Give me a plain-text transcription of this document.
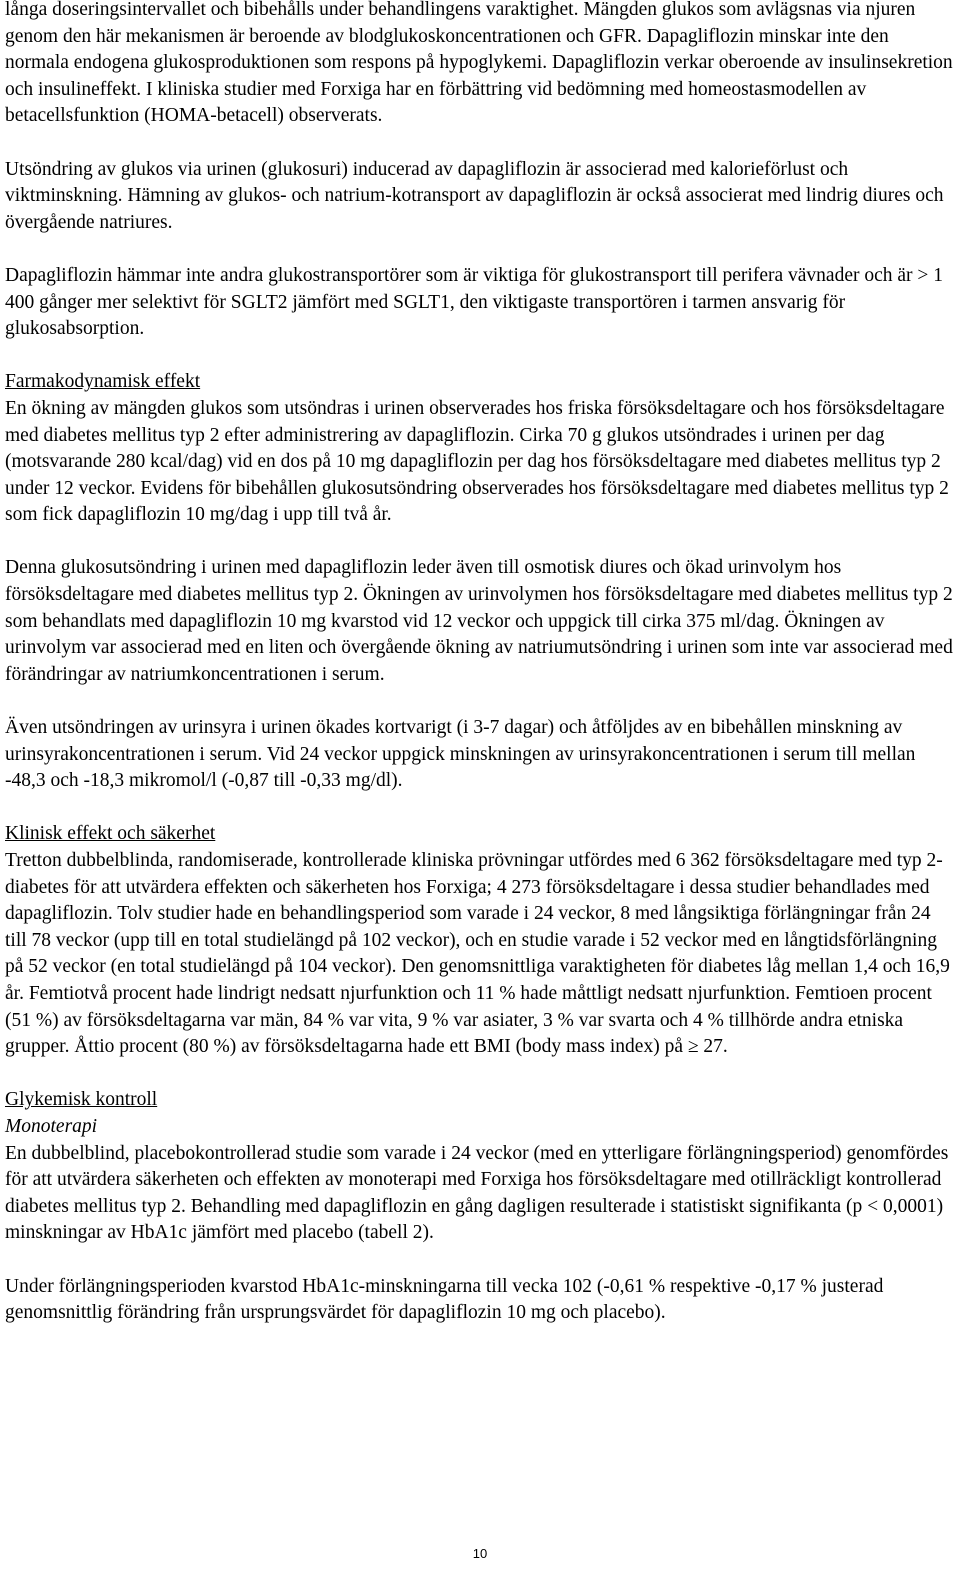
långa doseringsintervallet och bibehålls under behandlingens varaktighet. Mängden glukos som avlägsnas via njuren genom den här mekanismen är beroende av blodglukoskoncentrationen och GFR. Dapagliflozin minskar inte den normala endogena glukosproduktionen som respons på hypoglykemi. Dapagliflozin verkar oberoende av insulinsekretion och insulineffekt. I kliniska studier med Forxiga har en förbättring vid bedömning med homeostasmodellen av betacellsfunktion (HOMA-betacell) observerats.

Utsöndring av glukos via urinen (glukosuri) inducerad av dapagliflozin är associerad med kalorieförlust och viktminskning. Hämning av glukos- och natrium-kotransport av dapagliflozin är också associerat med lindrig diures och övergående natriures.

Dapagliflozin hämmar inte andra glukostransportörer som är viktiga för glukostransport till perifera vävnader och är > 1 400 gånger mer selektivt för SGLT2 jämfört med SGLT1, den viktigaste transportören i tarmen ansvarig för glukosabsorption.

Farmakodynamisk effekt

En ökning av mängden glukos som utsöndras i urinen observerades hos friska försöksdeltagare och hos försöksdeltagare med diabetes mellitus typ 2 efter administrering av dapagliflozin. Cirka 70 g glukos utsöndrades i urinen per dag (motsvarande 280 kcal/dag) vid en dos på 10 mg dapagliflozin per dag hos försöksdeltagare med diabetes mellitus typ 2 under 12 veckor. Evidens för bibehållen glukosutsöndring observerades hos försöksdeltagare med diabetes mellitus typ 2 som fick dapagliflozin 10 mg/dag i upp till två år.

Denna glukosutsöndring i urinen med dapagliflozin leder även till osmotisk diures och ökad urinvolym hos försöksdeltagare med diabetes mellitus typ 2. Ökningen av urinvolymen hos försöksdeltagare med diabetes mellitus typ 2 som behandlats med dapagliflozin 10 mg kvarstod vid 12 veckor och uppgick till cirka 375 ml/dag. Ökningen av urinvolym var associerad med en liten och övergående ökning av natriumutsöndring i urinen som inte var associerad med förändringar av natriumkoncentrationen i serum.

Även utsöndringen av urinsyra i urinen ökades kortvarigt (i 3-7 dagar) och åtföljdes av en bibehållen minskning av urinsyrakoncentrationen i serum. Vid 24 veckor uppgick minskningen av urinsyrakoncentrationen i serum till mellan -48,3 och -18,3 mikromol/l (-0,87 till -0,33 mg/dl).

Klinisk effekt och säkerhet

Tretton dubbelblinda, randomiserade, kontrollerade kliniska prövningar utfördes med 6 362 försöksdeltagare med typ 2-diabetes för att utvärdera effekten och säkerheten hos Forxiga; 4 273 försöksdeltagare i dessa studier behandlades med dapagliflozin. Tolv studier hade en behandlingsperiod som varade i 24 veckor, 8 med långsiktiga förlängningar från 24 till 78 veckor (upp till en total studielängd på 102 veckor), och en studie varade i 52 veckor med en långtidsförlängning på 52 veckor (en total studielängd på 104 veckor). Den genomsnittliga varaktigheten för diabetes låg mellan 1,4 och 16,9 år. Femtiotvå procent hade lindrigt nedsatt njurfunktion och 11 % hade måttligt nedsatt njurfunktion. Femtioen procent (51 %) av försöksdeltagarna var män, 84 % var vita, 9 % var asiater, 3 % var svarta och 4 % tillhörde andra etniska grupper. Åttio procent (80 %) av försöksdeltagarna hade ett BMI (body mass index) på ≥ 27.

Glykemisk kontroll
Monoterapi

En dubbelblind, placebokontrollerad studie som varade i 24 veckor (med en ytterligare förlängningsperiod) genomfördes för att utvärdera säkerheten och effekten av monoterapi med Forxiga hos försöksdeltagare med otillräckligt kontrollerad diabetes mellitus typ 2. Behandling med dapagliflozin en gång dagligen resulterade i statistiskt signifikanta (p < 0,0001) minskningar av HbA1c jämfört med placebo (tabell 2).

Under förlängningsperioden kvarstod HbA1c-minskningarna till vecka 102 (-0,61 % respektive -0,17 % justerad genomsnittlig förändring från ursprungsvärdet för dapagliflozin 10 mg och placebo).

10
